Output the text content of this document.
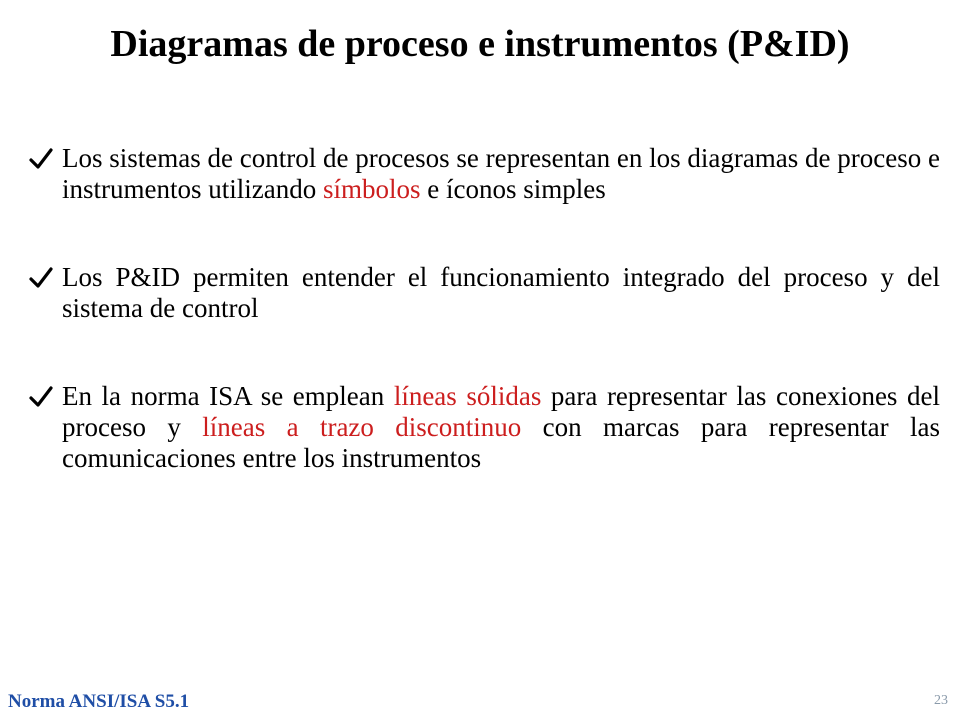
Diagramas de proceso e instrumentos (P&ID)
Los sistemas de control de procesos se representan en los diagramas de proceso e instrumentos utilizando símbolos e íconos simples
Los P&ID permiten entender el funcionamiento integrado del proceso y del sistema de control
En la norma ISA se emplean líneas sólidas para representar las conexiones del proceso y líneas a trazo discontinuo con marcas para representar las comunicaciones entre los instrumentos
Norma ANSI/ISA S5.1	23
